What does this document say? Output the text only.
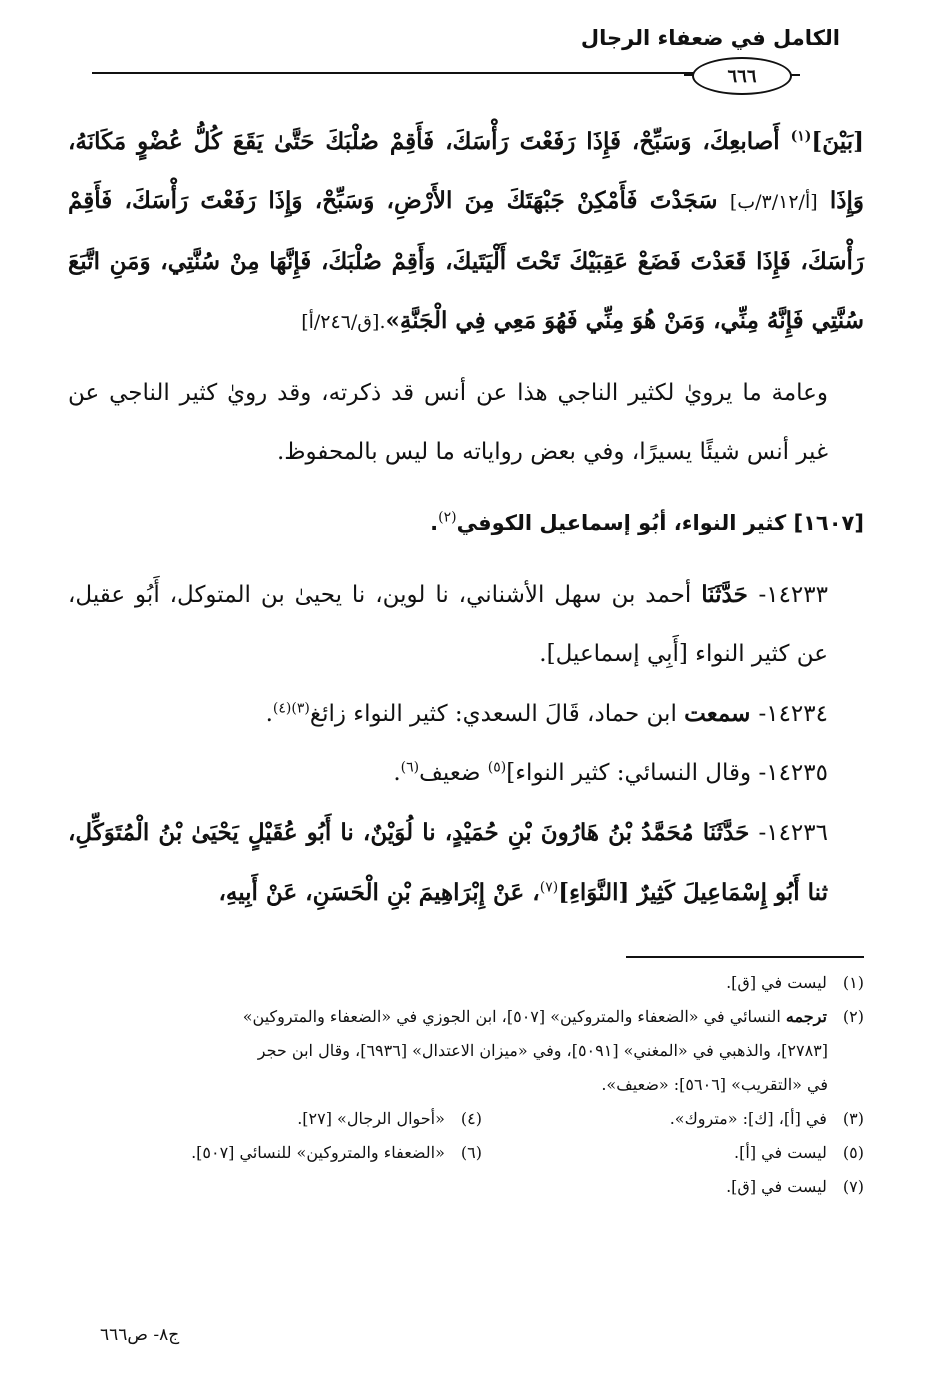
الكامل في ضعفاء الرجال
٦٦٦

[بَيْنَ]$^{(١)}$ أَصابعِكَ، وَسَبِّحْ، فَإِذَا رَفَعْتَ رَأْسَكَ، فَأَقِمْ صُلْبَكَ حَتَّىٰ يَقَعَ كُلُّ عُضْوٍ مَكَانَهُ، وَإِذَا [أ/٣/١٢/ب] سَجَدْتَ فَأَمْكِنْ جَبْهَتَكَ مِنَ الأَرْضِ، وَسَبِّحْ، وَإِذَا رَفَعْتَ رَأْسَكَ، فَأَقِمْ رَأْسَكَ، فَإِذَا قَعَدْتَ فَضَعْ عَقِبَيْكَ تَحْتَ أَلْيَتَيكَ، وَأَقِمْ صُلْبَكَ، فَإِنَّهَا مِنْ سُنَّتِي، وَمَنِ اتَّبَعَ سُنَّتِي فَإِنَّهُ مِنِّي، وَمَنْ هُوَ مِنِّي فَهُوَ مَعِي فِي الْجَنَّةِ».[ق/٢٤٦/أ]

وعامة ما يرويٰ لكثير الناجي هذا عن أنس قد ذكرته، وقد رويٰ كثير الناجي عن غير أنس شيئًا يسيرًا، وفي بعض رواياته ما ليس بالمحفوظ.

[١٦٠٧] كثير النواء، أبُو إسماعيل الكوفي$^{(٢)}$.

١٤٢٣٣- حَدَّثَنَا أحمد بن سهل الأشناني، نا لوين، نا يحيىٰ بن المتوكل، أَبُو عقيل، عن كثير النواء [أَبِي إسماعيل].

١٤٢٣٤- سمعت ابن حماد، قَالَ السعدي: كثير النواء زائغ$^{(٣)(٤)}$.

١٤٢٣٥- وقال النسائي: كثير النواء]$^{(٥)}$ ضعيف$^{(٦)}$.

١٤٢٣٦- حَدَّثَنَا مُحَمَّدُ بْنُ هَارُونَ بْنِ حُمَيْدٍ، نا لُوَيْنٌ، نا أَبُو عُقَيْلٍ يَحْيَىٰ بْنُ الْمُتَوَكِّلِ، ثنا أَبُو إِسْمَاعِيلَ كَثِيرٌ [النَّوَاءِ]$^{(٧)}$، عَنْ إِبْرَاهِيمَ بْنِ الْحَسَنِ، عَنْ أَبِيهِ،

(١) ليست في [ق].

(٢) ترجمه النسائي في «الضعفاء والمتروكين» [٥٠٧]، ابن الجوزي في «الضعفاء والمتروكين»

[٢٧٨٣]، والذهبي في «المغني» [٥٠٩١]، وفي «ميزان الاعتدال» [٦٩٣٦]، وقال ابن حجر

في «التقريب» [٥٦٠٦]: «ضعيف».

(٣) في [أ]، [ك]: «متروك».

(٤) «أحوال الرجال» [٢٧].

(٥) ليست في [أ].

(٦) «الضعفاء والمتروكين» للنسائي [٥٠٧].

(٧) ليست في [ق].

ج٨- ص٦٦٦
